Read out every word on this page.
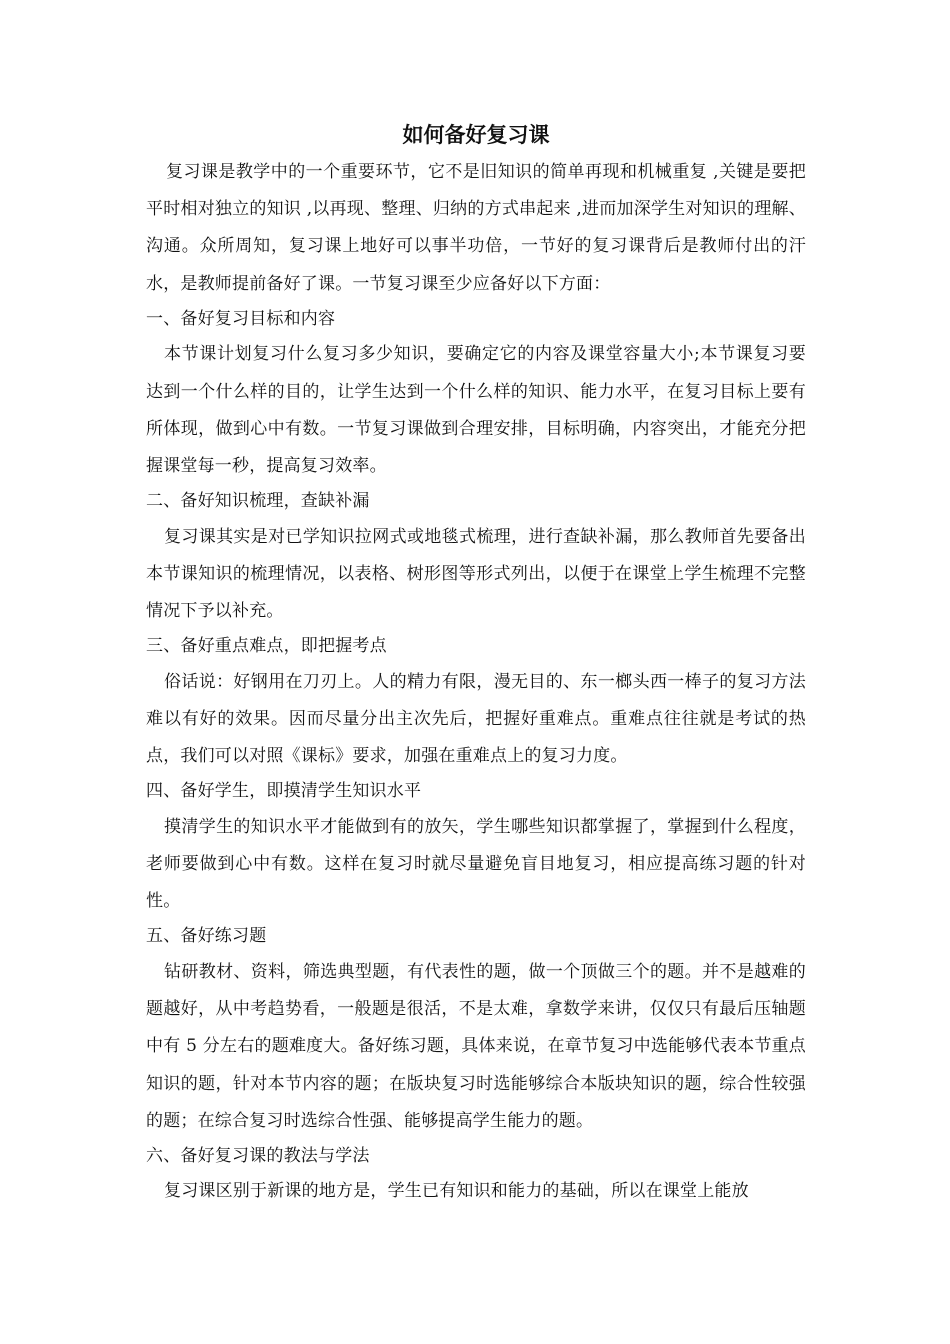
如何备好复习课

复习课是教学中的一个重要环节，它不是旧知识的简单再现和机械重复 ,关键是要把平时相对独立的知识 ,以再现、整理、归纳的方式串起来 ,进而加深学生对知识的理解、沟通。众所周知，复习课上地好可以事半功倍，一节好的复习课背后是教师付出的汗水，是教师提前备好了课。一节复习课至少应备好以下方面：

一、备好复习目标和内容

本节课计划复习什么复习多少知识，要确定它的内容及课堂容量大小;本节课复习要达到一个什么样的目的，让学生达到一个什么样的知识、能力水平，在复习目标上要有所体现，做到心中有数。一节复习课做到合理安排，目标明确，内容突出，才能充分把握课堂每一秒，提高复习效率。

二、备好知识梳理，查缺补漏

复习课其实是对已学知识拉网式或地毯式梳理，进行查缺补漏，那么教师首先要备出本节课知识的梳理情况，以表格、树形图等形式列出，以便于在课堂上学生梳理不完整情况下予以补充。

三、备好重点难点，即把握考点

俗话说：好钢用在刀刃上。人的精力有限，漫无目的、东一榔头西一棒子的复习方法难以有好的效果。因而尽量分出主次先后，把握好重难点。重难点往往就是考试的热点，我们可以对照《课标》要求，加强在重难点上的复习力度。

四、备好学生，即摸清学生知识水平

摸清学生的知识水平才能做到有的放矢，学生哪些知识都掌握了，掌握到什么程度，老师要做到心中有数。这样在复习时就尽量避免盲目地复习，相应提高练习题的针对性。

五、备好练习题

钻研教材、资料，筛选典型题，有代表性的题，做一个顶做三个的题。并不是越难的题越好，从中考趋势看，一般题是很活，不是太难，拿数学来讲，仅仅只有最后压轴题中有 5 分左右的题难度大。备好练习题，具体来说，在章节复习中选能够代表本节重点知识的题，针对本节内容的题；在版块复习时选能够综合本版块知识的题，综合性较强的题；在综合复习时选综合性强、能够提高学生能力的题。

六、备好复习课的教法与学法

复习课区别于新课的地方是，学生已有知识和能力的基础，所以在课堂上能放
